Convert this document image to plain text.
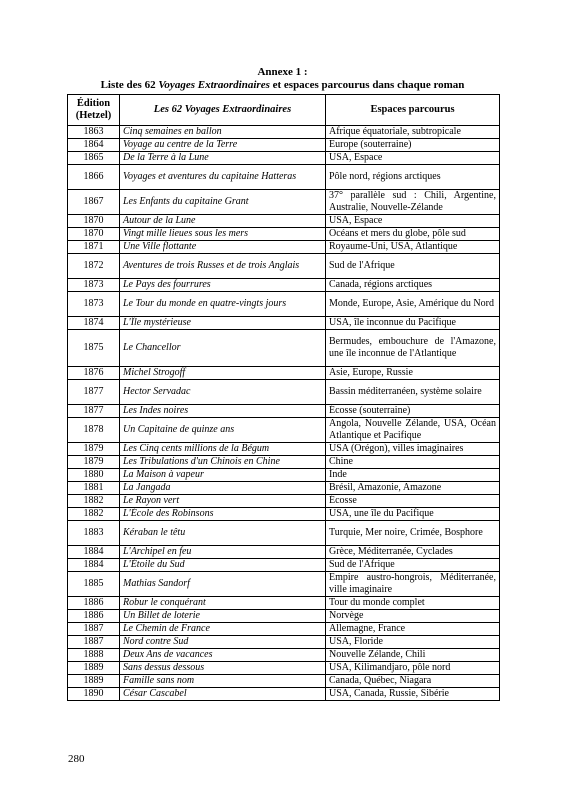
Annexe 1 :
Liste des 62 Voyages Extraordinaires et espaces parcourus dans chaque roman
Édition (Hetzel)	Les 62 Voyages Extraordinaires	Espaces parcourus
1863	Cinq semaines en ballon	Afrique équatoriale, subtropicale
1864	Voyage au centre de la Terre	Europe (souterraine)
1865	De la Terre à la Lune	USA, Espace
1866	Voyages et aventures du capitaine Hatteras	Pôle nord, régions arctiques
1867	Les Enfants du capitaine Grant	37° parallèle sud : Chili, Argentine, Australie, Nouvelle-Zélande
1870	Autour de la Lune	USA, Espace
1870	Vingt mille lieues sous les mers	Océans et mers du globe, pôle sud
1871	Une Ville flottante	Royaume-Uni, USA, Atlantique
1872	Aventures de trois Russes et de trois Anglais	Sud de l'Afrique
1873	Le Pays des fourrures	Canada, régions arctiques
1873	Le Tour du monde en quatre-vingts jours	Monde, Europe, Asie, Amérique du Nord
1874	L'Île mystérieuse	USA, île inconnue du Pacifique
1875	Le Chancellor	Bermudes, embouchure de l'Amazone, une île inconnue de l'Atlantique
1876	Michel Strogoff	Asie, Europe, Russie
1877	Hector Servadac	Bassin méditerranéen, système solaire
1877	Les Indes noires	Écosse (souterraine)
1878	Un Capitaine de quinze ans	Angola, Nouvelle Zélande, USA, Océan Atlantique et Pacifique
1879	Les Cinq cents millions de la Bégum	USA (Orégon), villes imaginaires
1879	Les Tribulations d'un Chinois en Chine	Chine
1880	La Maison à vapeur	Inde
1881	La Jangada	Brésil, Amazonie, Amazone
1882	Le Rayon vert	Écosse
1882	L'École des Robinsons	USA, une île du Pacifique
1883	Kéraban le têtu	Turquie, Mer noire, Crimée, Bosphore
1884	L'Archipel en feu	Grèce, Méditerranée, Cyclades
1884	L'Étoile du Sud	Sud de l'Afrique
1885	Mathias Sandorf	Empire austro-hongrois, Méditerranée, ville imaginaire
1886	Robur le conquérant	Tour du monde complet
1886	Un Billet de loterie	Norvège
1887	Le Chemin de France	Allemagne, France
1887	Nord contre Sud	USA, Floride
1888	Deux Ans de vacances	Nouvelle Zélande, Chili
1889	Sans dessus dessous	USA, Kilimandjaro, pôle nord
1889	Famille sans nom	Canada, Québec, Niagara
1890	César Cascabel	USA, Canada, Russie, Sibérie
280
